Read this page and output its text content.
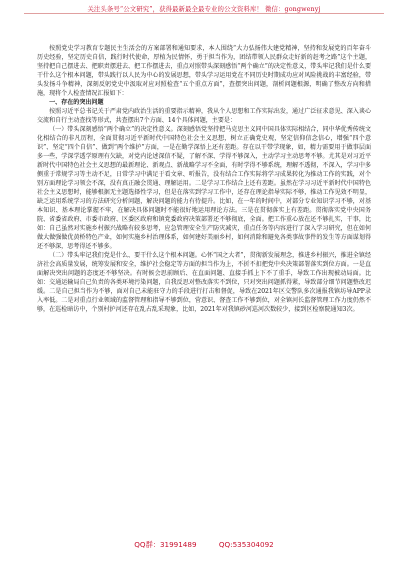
关注头条号“公文研究”，获得最新最全最专业的公文资料库！ 微信：gongwenyj

按照党史学习教育专题民主生活会的方案部署和通知要求，本人围绕“大力弘扬伟大建党精神，坚持和发展党的百年奋斗历史经验，坚定历史自信，践行时代使命，厚植为民情怀，勇于担当作为，团结带领人民群众走好新的赶考之路”这个主题，坚持把自己摆进去、把职责摆进去、把工作摆进去，重点对照带头深刻感悟“两个确立”的决定性意义，带头牢记我们是什么要干什么这个根本问题，带头践行以人民为中心的发展思想，带头学习运用党在不同历史时期成功应对风险挑战的丰富经验，带头发扬斗争精神，深刻反躬党史中汲取对应对照检查“五个重点方面”，查摆突出问题，剖析问题根源，明确了整改方向和措施，现将个人检查情况汇报如下：

一、存在的突出问题

按照习近平总书记关于严肃党内政治生活的重要指示精神，我从个人思想和工作实际出发，通过广泛征求意见、深入谈心交流和自行主动查找等形式，共查摆出7个方面、14个具体问题，主要是：

（一）带头深刻感悟“两个确立”的决定性意义。深刻感悟党坚持把马克思主义同中国具体实际相结合，同中华优秀传统文化相结合的非凡历程，全面贯彻习近平新时代中国特色社会主义思想，树立正确党史观，坚定信仰信念信心，增强“四个意识”、坚定“四个自信”、做到“两个维护”方面，一是在勤学深悟上还有差距。存在以干带学现象，如，精力需要用于做事层面多一些，学深学透学原理有欠缺，对党内论述深信不疑，了解不深、学得不够深入，主动学习主动思考不够。尤其是对习近平新时代中国特色社会主义思想的最新理论、新观点、新战略学习不全面，有时学得不够系统，理解不透彻，不深入，学习中多侧重于常规学习等主动不足，日常学习中满足于看文章、听报告，没有结合工作实际将学习成果转化为推动工作的实践，对个别方面理论学习领会不深，没有真正融会贯通、理解运用。二是学习工作结合上还有差距。虽然在学习习近平新时代中国特色社会主义思想时，能够根据无主题选择性学习，但是在落实到学习工作中，还存在理论指导实际不够，推动工作见效不明显，缺乏运用系统学习的方法研究分析问题，解决问题的能力有待提升。比如，在一年的时间中，对部分专业知识学习不够，对基本知识、基本理论掌握不牢，在解决具体问题时不能很好地运用理论方法。三是在贯彻落实上有差距。贯彻落实党中央国务院、省委省政府、市委市政府、区委区政府和镇党委政府决策部署还不够彻底，全面。把工作重心放在还不够扎实，干事，比如：自己虽然对实施乡村振兴战略有较多思考，应急管理安全生产防灾减灾，重点任务等内容进行了深入学习研究，但在如何做大做强做优黄桥特色产业，如何实施乡村治理体系，如何建好美丽乡村，如何消除和避免各类事故事件的发生等方面谋划得还不够深，思考得还不够多。

（二）带头牢记我们党是什么、要干什么这个根本问题。心怀“国之大者”，贯彻新发展理念，推进乡村振兴，推进全镇经济社会高质量发展，统筹发展和安全，维护社会稳定等方面的担当作为上，不折不扣把党中央决策部署落实到位方面。一是直面解决突出问题的态度还不够坚决。有时候会思前顾后、在直面问题、直接手抓上下不了重手，导致工作出现被动局面。比如：交通运输局自己负责的各类环境污染问题，自我反思对整改落实不到位，只对突出问题抓得紧，导致部分细节问题整改迟缓。二是自己担当作为不够，面对自己未能驻守力的手段进行打击和督促，导致在2021年区交警队多次通报我镇坊导APP录入率低。二是对重点行业领域的监督管理和指导不够到位，营意识、督查工作不够到位，对全镇河长监督管理工作力度仍然不够，在巡检暗访中，个别村护河还存在乱占乱采现象，比如，2021年对我镇砂河巡河次数较少，接到区检察院通知3次。

QQ群：31991489	QQ:535304092
